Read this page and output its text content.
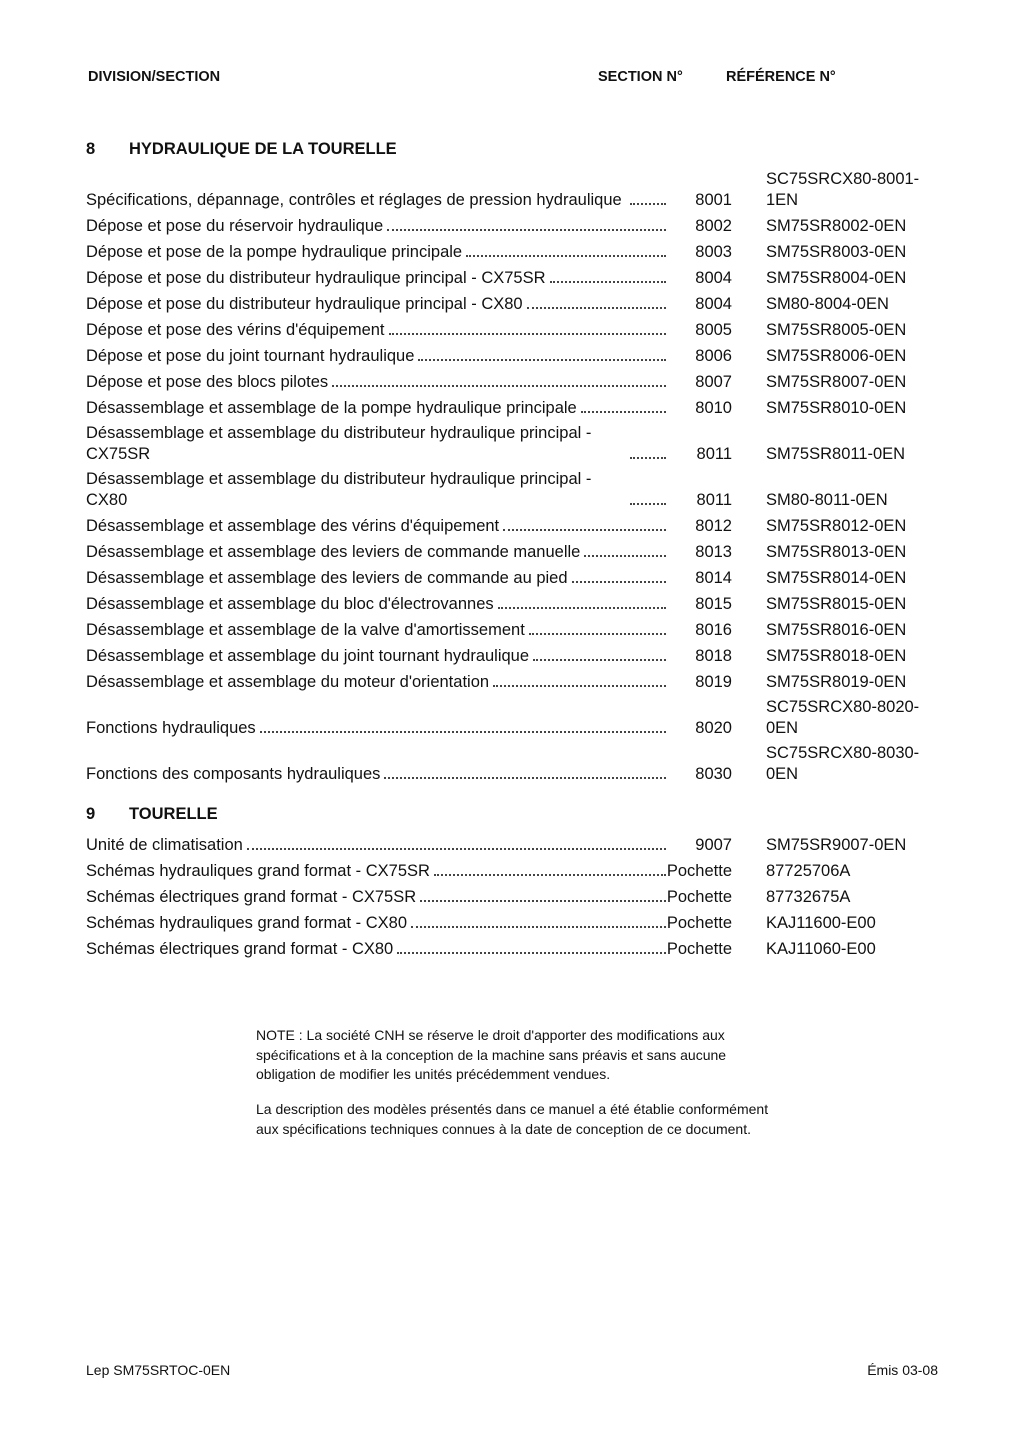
DIVISION/SECTION	SECTION N°	RÉFÉRENCE N°
8	HYDRAULIQUE DE LA TOURELLE
Spécifications, dépannage, contrôles et réglages de pression hydraulique	8001
SC75SRCX80-8001-1EN
Dépose et pose du réservoir hydraulique	8002 SM75SR8002-0EN
Dépose et pose de la pompe hydraulique principale	8003 SM75SR8003-0EN
Dépose et pose du distributeur hydraulique principal - CX75SR	8004 SM75SR8004-0EN
Dépose et pose du distributeur hydraulique principal - CX80	8004 SM80-8004-0EN
Dépose et pose des vérins d'équipement	8005 SM75SR8005-0EN
Dépose et pose du joint tournant hydraulique	8006 SM75SR8006-0EN
Dépose et pose des blocs pilotes	8007 SM75SR8007-0EN
Désassemblage et assemblage de la pompe hydraulique principale	8010 SM75SR8010-0EN
Désassemblage et assemblage du distributeur hydraulique principal - CX75SR	8011 SM75SR8011-0EN
Désassemblage et assemblage du distributeur hydraulique principal - CX80	8011 SM80-8011-0EN
Désassemblage et assemblage des vérins d'équipement	8012 SM75SR8012-0EN
Désassemblage et assemblage des leviers de commande manuelle	8013 SM75SR8013-0EN
Désassemblage et assemblage des leviers de commande au pied	8014 SM75SR8014-0EN
Désassemblage et assemblage du bloc d'électrovannes	8015 SM75SR8015-0EN
Désassemblage et assemblage de la valve d'amortissement	8016 SM75SR8016-0EN
Désassemblage et assemblage du joint tournant hydraulique	8018 SM75SR8018-0EN
Désassemblage et assemblage du moteur d'orientation	8019 SM75SR8019-0EN
Fonctions hydrauliques	8020
SC75SRCX80-8020-0EN
Fonctions des composants hydrauliques	8030
SC75SRCX80-8030-0EN
9	TOURELLE
Unité de climatisation	9007 SM75SR9007-0EN
Schémas hydrauliques grand format - CX75SR	Pochette 87725706A
Schémas électriques grand format - CX75SR	Pochette 87732675A
Schémas hydrauliques grand format - CX80	Pochette KAJ11600-E00
Schémas électriques grand format - CX80	Pochette KAJ11060-E00
NOTE : La société CNH se réserve le droit d'apporter des modifications aux spécifications et à la conception de la machine sans préavis et sans aucune obligation de modifier les unités précédemment vendues.
La description des modèles présentés dans ce manuel a été établie conformément aux spécifications techniques connues à la date de conception de ce document.
Lep SM75SRTOC-0EN	Émis 03-08
